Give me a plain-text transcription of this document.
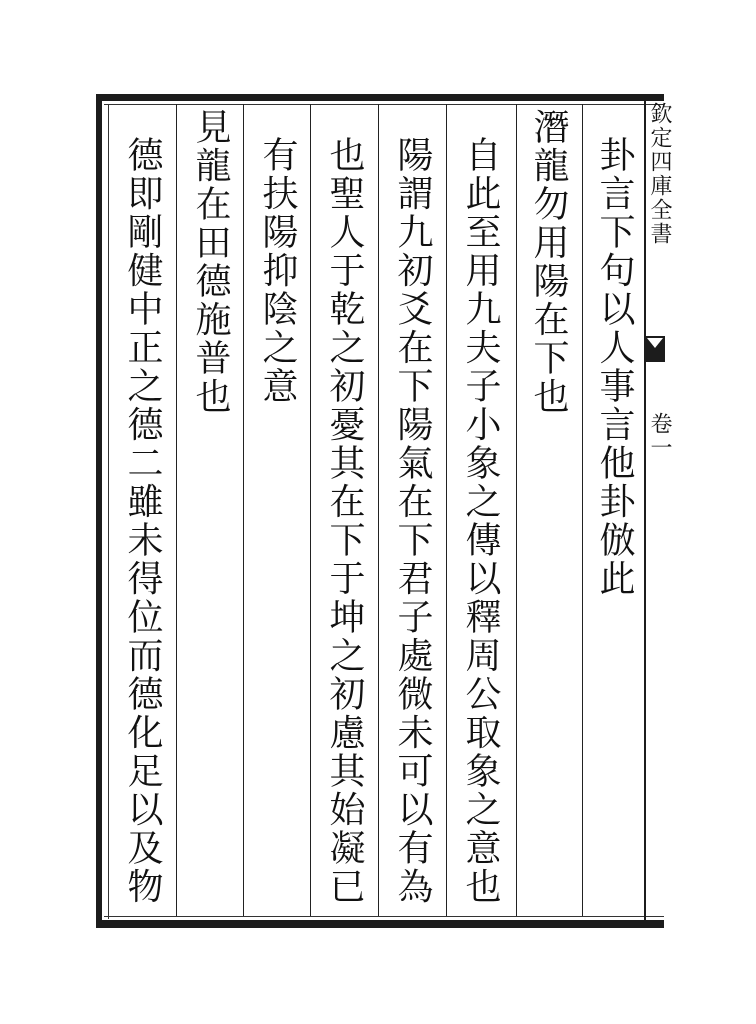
欽定四庫全書
卷一
卦言下句以人事言他卦倣此
潛龍勿用陽在下也
自此至用九夫子小象之傳以釋周公取象之意也
陽謂九初爻在下陽氣在下君子處微未可以有為
也聖人于乾之初憂其在下于坤之初慮其始凝已
有扶陽抑陰之意
見龍在田德施普也
德即剛健中正之德二雖未得位而德化足以及物
